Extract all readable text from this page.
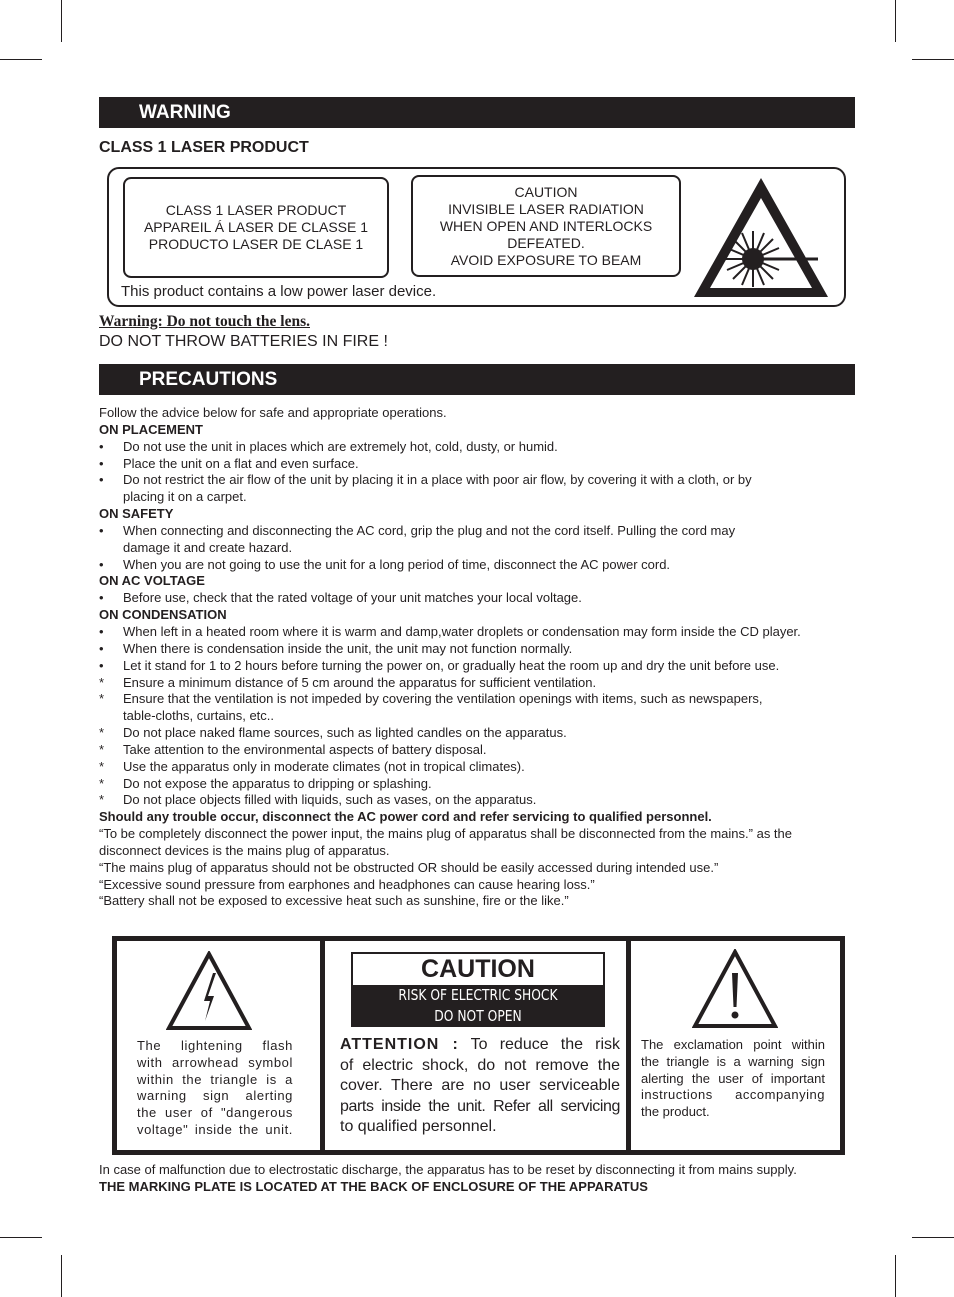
WARNING
CLASS 1 LASER PRODUCT
CLASS 1 LASER PRODUCT
APPAREIL Á LASER DE CLASSE 1
PRODUCTO LASER DE CLASE 1
CAUTION
INVISIBLE LASER RADIATION
WHEN OPEN AND INTERLOCKS
DEFEATED.
AVOID EXPOSURE TO BEAM
This product contains a low power laser device.
Warning: Do not touch the lens.
DO NOT THROW BATTERIES IN FIRE !
PRECAUTIONS
Follow the advice below for safe and appropriate operations.
ON PLACEMENT
•	Do not use the unit in places which are extremely hot, cold, dusty, or humid.
•	Place the unit on a flat and even surface.
•	Do not restrict the air flow of the unit by placing it in a place with poor air flow, by covering it with a cloth, or by
placing it on a carpet.
ON SAFETY
•	When connecting and disconnecting the AC cord, grip the plug and not the cord itself. Pulling the cord may
damage it and create hazard.
•	When you are not going to use the unit for a long period of time, disconnect the AC power cord.
ON AC VOLTAGE
•	Before use, check that the rated voltage of your unit matches your local voltage.
ON CONDENSATION
•	When left in a heated room where it is warm and damp,water droplets or condensation may form inside the CD player.
•	When there is condensation inside the unit, the unit may not function normally.
•	Let it stand for 1 to 2 hours before turning the power on, or gradually heat the room up and dry the unit before use.
*	Ensure a minimum distance of 5 cm around the apparatus for sufficient ventilation.
*	Ensure that the ventilation is not impeded by covering the ventilation openings with items, such as newspapers,
table-cloths, curtains, etc..
*	Do not place naked flame sources, such as lighted candles on the apparatus.
*	Take attention to the environmental aspects of battery disposal.
*	Use the apparatus only in moderate climates (not in tropical climates).
*	Do not expose the apparatus to dripping or splashing.
*	Do not place objects filled with liquids, such as vases, on the apparatus.
Should any trouble occur, disconnect the AC power cord and refer servicing to qualified personnel.
“To be completely disconnect the power input, the mains plug of apparatus shall be disconnected from the mains.” as the
disconnect devices is the mains plug of apparatus.
“The mains plug of apparatus should not be obstructed OR should be easily accessed during intended use.”
“Excessive sound pressure from earphones and headphones can cause hearing loss.”
“Battery shall not be exposed to excessive heat such as sunshine, fire or the like.”
The lightening flash
with arrowhead symbol
within the triangle is a
warning sign alerting
the user of "dangerous
voltage" inside the unit.
CAUTION
RISK OF ELECTRIC SHOCK
DO NOT OPEN
ATTENTION : To reduce the risk
of electric shock, do not remove the
cover. There are no user serviceable
parts inside the unit. Refer all servicing
to qualified personnel.
The exclamation point within
the triangle is a warning sign
alerting the user of important
instructions accompanying
the product.
In case of malfunction due to electrostatic discharge, the apparatus has to be reset by disconnecting it from mains supply.
THE MARKING PLATE IS LOCATED AT THE BACK OF ENCLOSURE OF THE APPARATUS
